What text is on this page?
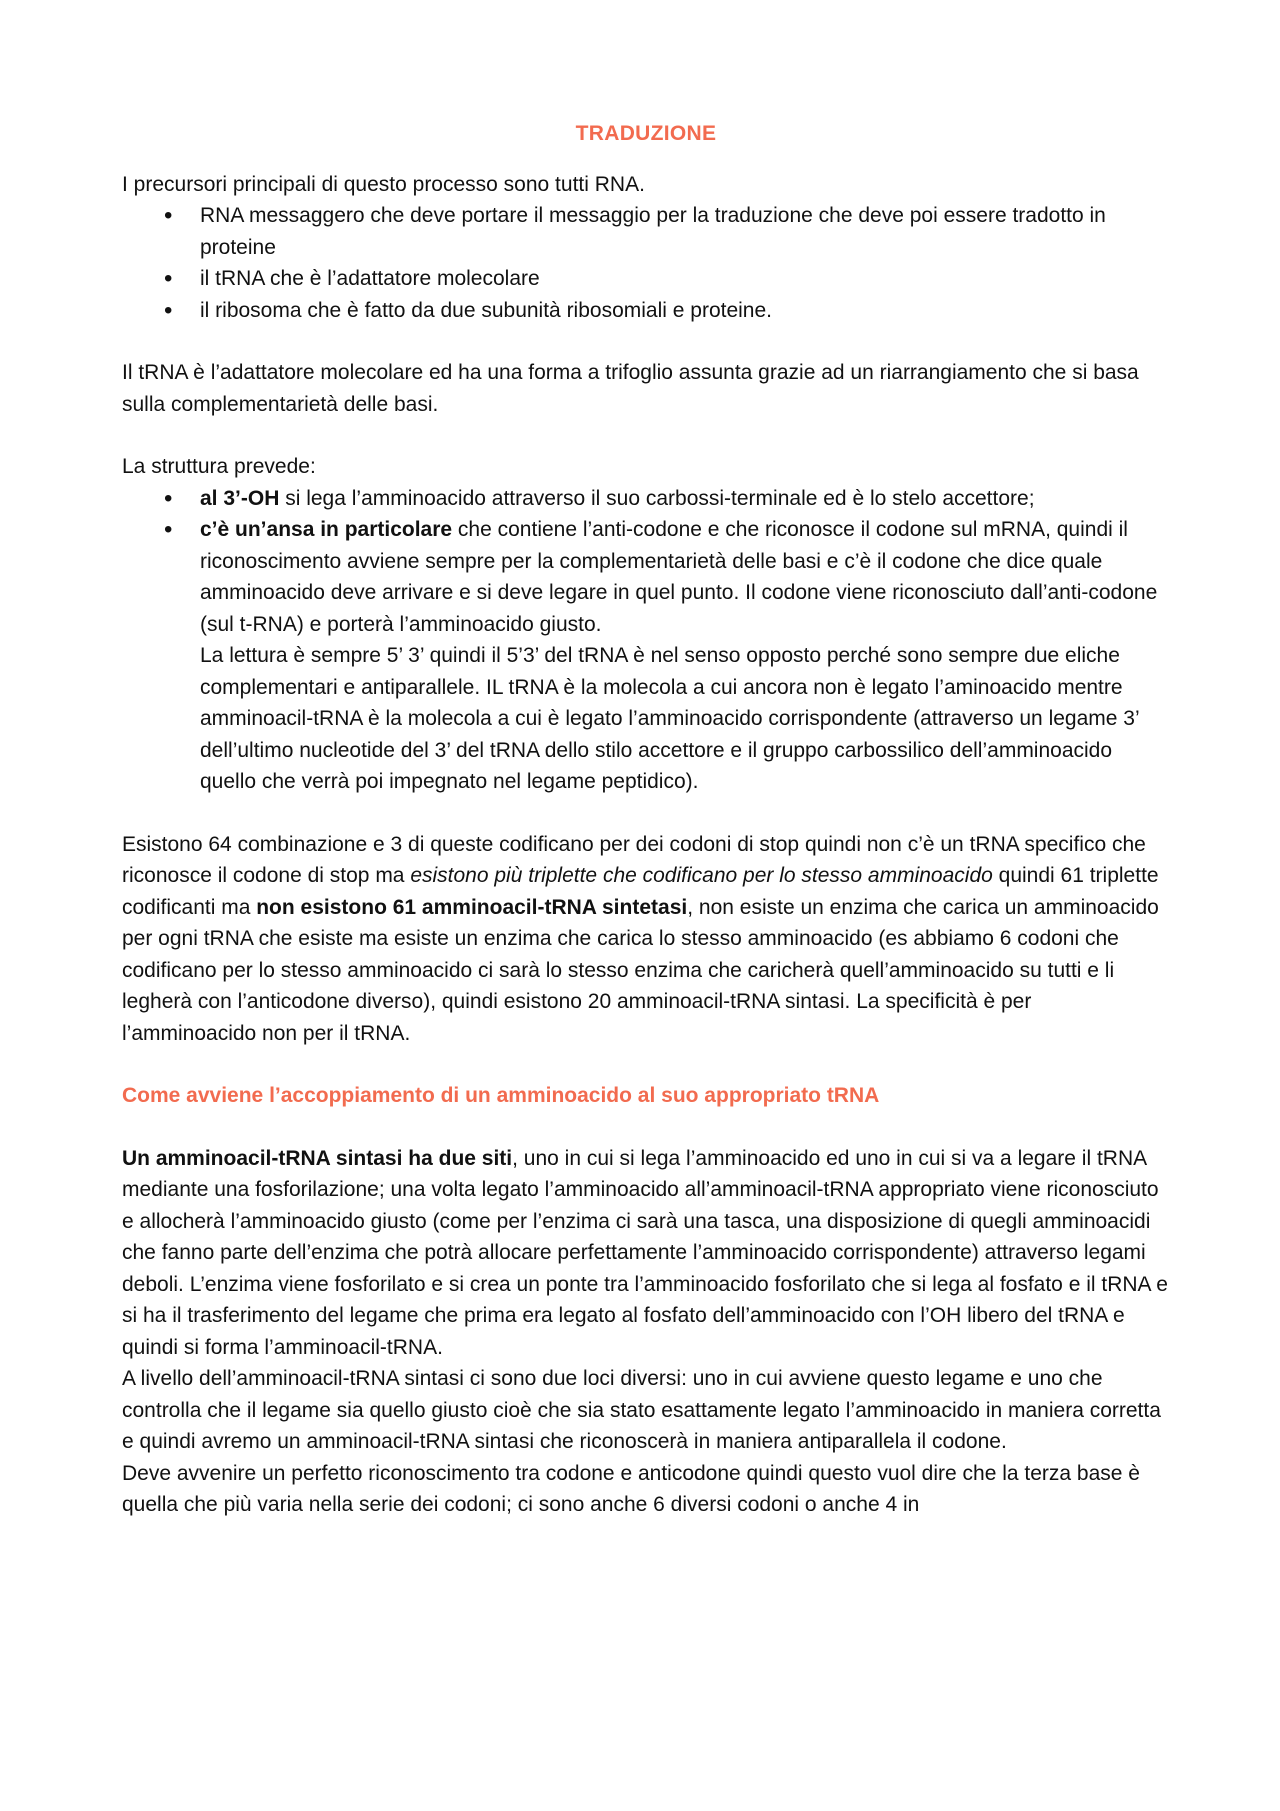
TRADUZIONE

I precursori principali di questo processo sono tutti RNA.

• RNA messaggero che deve portare il messaggio per la traduzione che deve poi essere tradotto in proteine
• il tRNA che è l’adattatore molecolare
• il ribosoma che è fatto da due subunità ribosomiali e proteine.

Il tRNA è l’adattatore molecolare ed ha una forma a trifoglio assunta grazie ad un riarrangiamento che si basa sulla complementarietà delle basi.

La struttura prevede:

• al 3’-OH si lega l’amminoacido attraverso il suo carbossi-terminale ed è lo stelo accettore;
• c’è un’ansa in particolare che contiene l’anti-codone e che riconosce il codone sul mRNA, quindi il riconoscimento avviene sempre per la complementarietà delle basi e c’è il codone che dice quale amminoacido deve arrivare e si deve legare in quel punto. Il codone viene riconosciuto dall’anti-codone (sul t-RNA) e porterà l’amminoacido giusto.
La lettura è sempre 5’ 3’ quindi il 5’3’ del tRNA è nel senso opposto perché sono sempre due eliche complementari e antiparallele. IL tRNA è la molecola a cui ancora non è legato l’aminoacido mentre amminoacil-tRNA è la molecola a cui è legato l’amminoacido corrispondente (attraverso un legame 3’ dell’ultimo nucleotide del 3’ del tRNA dello stilo accettore e il gruppo carbossilico dell’amminoacido quello che verrà poi impegnato nel legame peptidico).

Esistono 64 combinazione e 3 di queste codificano per dei codoni di stop quindi non c’è un tRNA specifico che riconosce il codone di stop ma esistono più triplette che codificano per lo stesso amminoacido quindi 61 triplette codificanti ma non esistono 61 amminoacil-tRNA sintetasi, non esiste un enzima che carica un amminoacido per ogni tRNA che esiste ma esiste un enzima che carica lo stesso amminoacido (es abbiamo 6 codoni che codificano per lo stesso amminoacido ci sarà lo stesso enzima che caricherà quell’amminoacido su tutti e li legherà con l’anticodone diverso), quindi esistono 20 amminoacil-tRNA sintasi. La specificità è per l’amminoacido non per il tRNA.

Come avviene l’accoppiamento di un amminoacido al suo appropriato tRNA

Un amminoacil-tRNA sintasi ha due siti, uno in cui si lega l’amminoacido ed uno in cui si va a legare il tRNA mediante una fosforilazione; una volta legato l’amminoacido all’amminoacil-tRNA appropriato viene riconosciuto e allocherà l’amminoacido giusto (come per l’enzima ci sarà una tasca, una disposizione di quegli amminoacidi che fanno parte dell’enzima che potrà allocare perfettamente l’amminoacido corrispondente) attraverso legami deboli. L’enzima viene fosforilato e si crea un ponte tra l’amminoacido fosforilato che si lega al fosfato e il tRNA e si ha il trasferimento del legame che prima era legato al fosfato dell’amminoacido con l’OH libero del tRNA e quindi si forma l’amminoacil-tRNA.

A livello dell’amminoacil-tRNA sintasi ci sono due loci diversi: uno in cui avviene questo legame e uno che controlla che il legame sia quello giusto cioè che sia stato esattamente legato l’amminoacido in maniera corretta e quindi avremo un amminoacil-tRNA sintasi che riconoscerà in maniera antiparallela il codone.

Deve avvenire un perfetto riconoscimento tra codone e anticodone quindi questo vuol dire che la terza base è quella che più varia nella serie dei codoni; ci sono anche 6 diversi codoni o anche 4 in
